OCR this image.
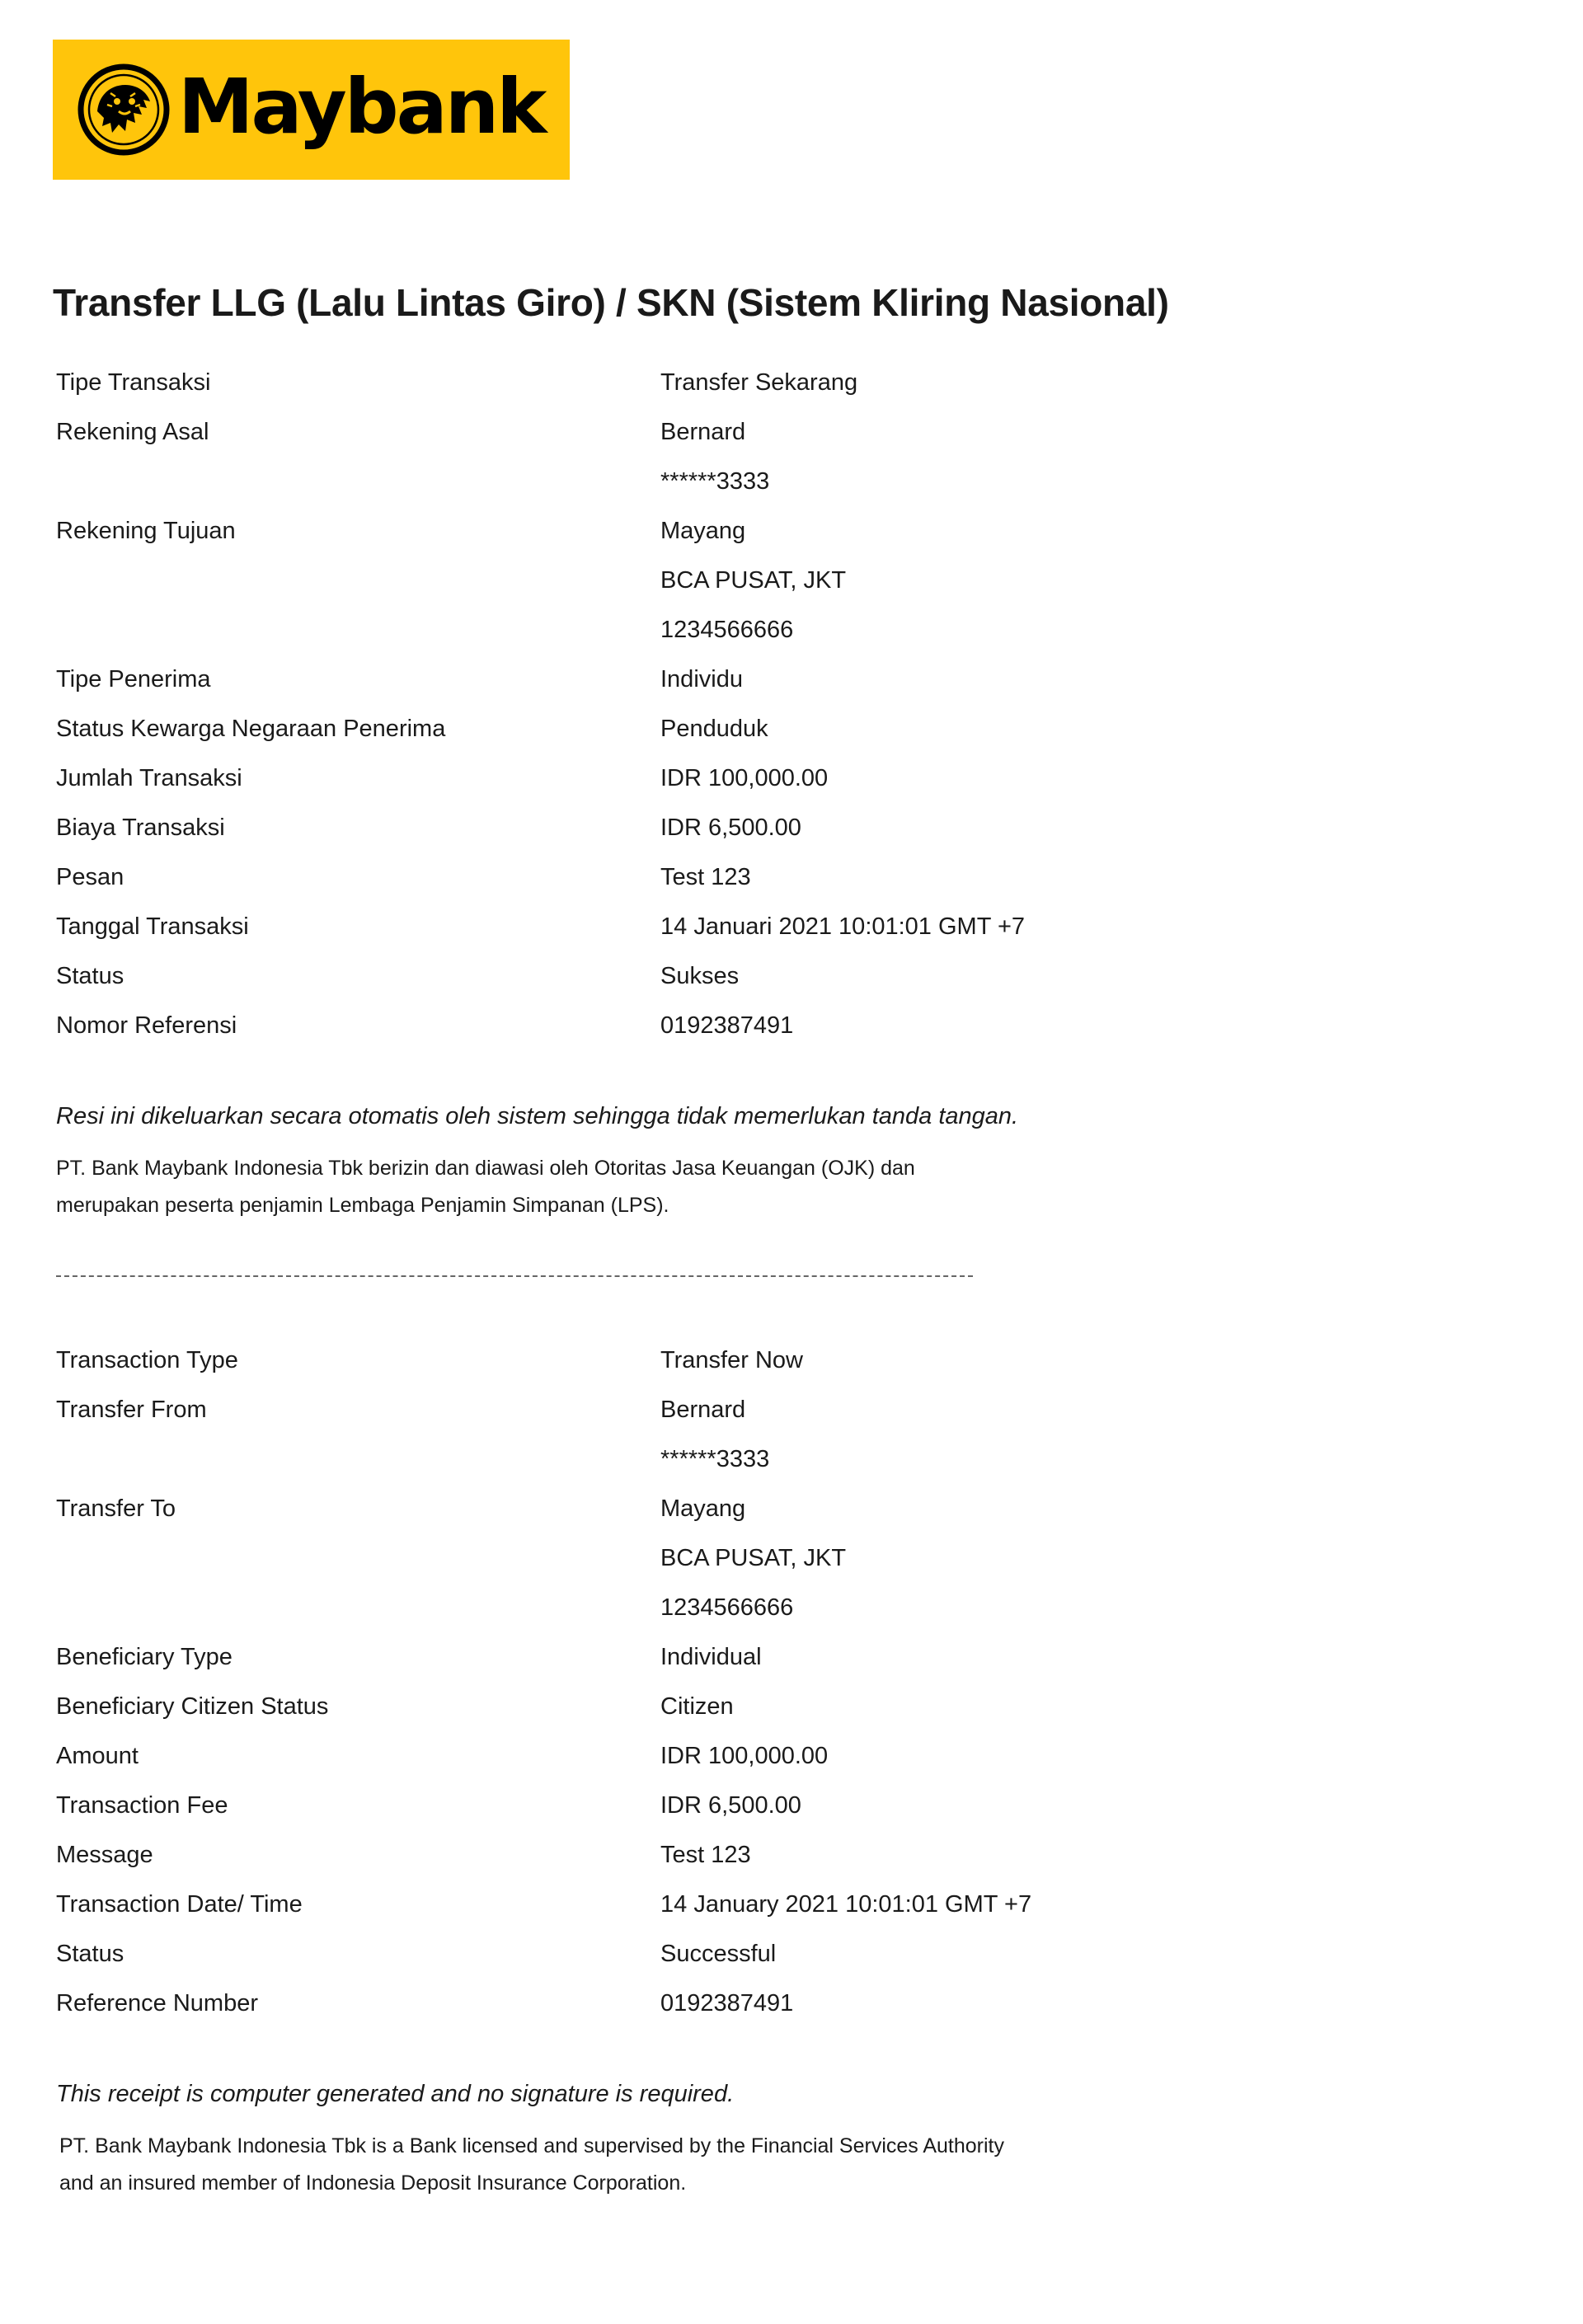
Maybank
Transfer LLG (Lalu Lintas Giro) / SKN (Sistem Kliring Nasional)
Tipe Transaksi	Transfer Sekarang
Rekening Asal	Bernard
******3333
Rekening Tujuan	Mayang
BCA PUSAT, JKT
1234566666
Tipe Penerima	Individu
Status Kewarga Negaraan Penerima	Penduduk
Jumlah Transaksi	IDR 100,000.00
Biaya Transaksi	IDR 6,500.00
Pesan	Test 123
Tanggal Transaksi	14 Januari 2021 10:01:01 GMT +7
Status	Sukses
Nomor Referensi	0192387491
Resi ini dikeluarkan secara otomatis oleh sistem sehingga tidak memerlukan tanda tangan.
PT. Bank Maybank Indonesia Tbk berizin dan diawasi oleh Otoritas Jasa Keuangan (OJK) dan
merupakan peserta penjamin Lembaga Penjamin Simpanan (LPS).
Transaction Type	Transfer Now
Transfer From	Bernard
******3333
Transfer To	Mayang
BCA PUSAT, JKT
1234566666
Beneficiary Type	Individual
Beneficiary Citizen Status	Citizen
Amount	IDR 100,000.00
Transaction Fee	IDR 6,500.00
Message	Test 123
Transaction Date/ Time	14 January 2021 10:01:01 GMT +7
Status	Successful
Reference Number	0192387491
This receipt is computer generated and no signature is required.
PT. Bank Maybank Indonesia Tbk is a Bank licensed and supervised by the Financial Services Authority
and an insured member of Indonesia Deposit Insurance Corporation.
